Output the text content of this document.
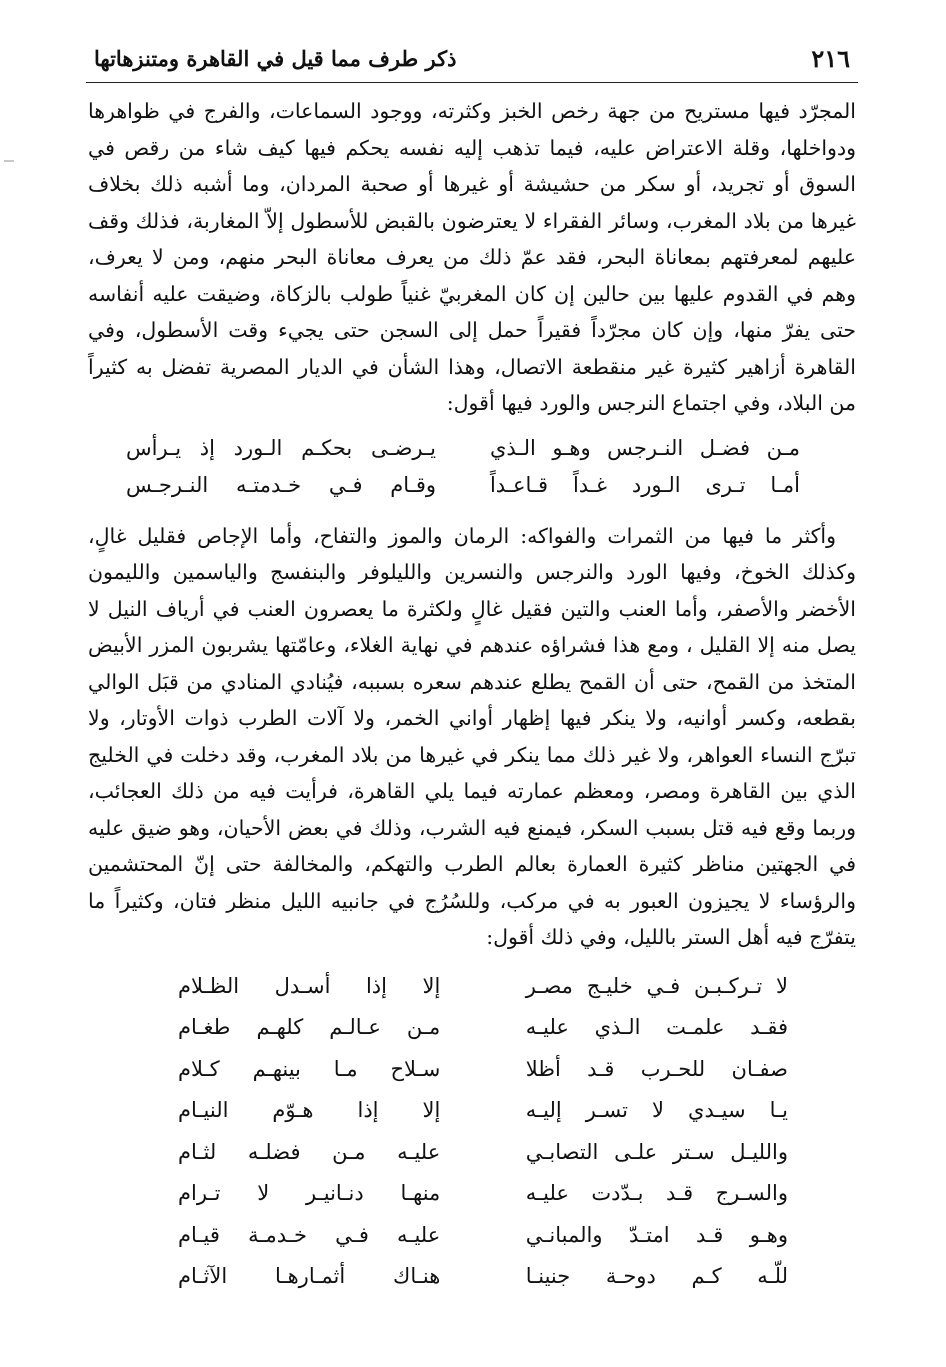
٢١٦
ذكر طرف مما قيل في القاهرة ومتنزهاتها
المجرّد فيها مستريح من جهة رخص الخبز وكثرته، ووجود السماعات، والفرج في ظواهرها ودواخلها، وقلة الاعتراض عليه، فيما تذهب إليه نفسه يحكم فيها كيف شاء من رقص في السوق أو تجريد، أو سكر من حشيشة أو غيرها أو صحبة المردان، وما أشبه ذلك بخلاف غيرها من بلاد المغرب، وسائر الفقراء لا يعترضون بالقبض للأسطول إلاّ المغاربة، فذلك وقف عليهم لمعرفتهم بمعاناة البحر، فقد عمّ ذلك من يعرف معاناة البحر منهم، ومن لا يعرف، وهم في القدوم عليها بين حالين إن كان المغربيّ غنياً طولب بالزكاة، وضيقت عليه أنفاسه حتى يفرّ منها، وإن كان مجرّداً فقيراً حمل إلى السجن حتى يجيء وقت الأسطول، وفي القاهرة أزاهير كثيرة غير منقطعة الاتصال، وهذا الشأن في الديار المصرية تفضل به كثيراً من البلاد، وفي اجتماع النرجس والورد فيها أقول:
مـن فضـل النـرجس وهـو الـذي
يـرضـى بحكـم الـورد إذ يـرأس
أمـا تـرى الـورد غـداً قـاعـداً
وقـام فـي خـدمتـه النـرجـس
وأكثر ما فيها من الثمرات والفواكه: الرمان والموز والتفاح، وأما الإجاص فقليل غالٍ، وكذلك الخوخ، وفيها الورد والنرجس والنسرين والليلوفر والبنفسج والياسمين والليمون الأخضر والأصفر، وأما العنب والتين فقيل غالٍ ولكثرة ما يعصرون العنب في أرياف النيل لا يصل منه إلا القليل ، ومع هذا فشراؤه عندهم في نهاية الغلاء، وعامّتها يشربون المزر الأبيض المتخذ من القمح، حتى أن القمح يطلع عندهم سعره بسببه، فيُنادي المنادي من قبَل الوالي بقطعه، وكسر أوانيه، ولا ينكر فيها إظهار أواني الخمر، ولا آلات الطرب ذوات الأوتار، ولا تبرّج النساء العواهر، ولا غير ذلك مما ينكر في غيرها من بلاد المغرب، وقد دخلت في الخليج الذي بين القاهرة ومصر، ومعظم عمارته فيما يلي القاهرة، فرأيت فيه من ذلك العجائب، وربما وقع فيه قتل بسبب السكر، فيمنع فيه الشرب، وذلك في بعض الأحيان، وهو ضيق عليه في الجهتين مناظر كثيرة العمارة بعالم الطرب والتهكم، والمخالفة حتى إنّ المحتشمين والرؤساء لا يجيزون العبور به في مركب، وللسُرُج في جانبيه الليل منظر فتان، وكثيراً ما يتفرّج فيه أهل الستر بالليل، وفي ذلك أقول:
لا تـركـبـن فـي خليـج مصـر
إلا إذا أسـدل الظـلام
فقـد علمـت الـذي عليـه
مـن عـالـم كلهـم طغـام
صفـان للحـرب قـد أظلا
سـلاح مـا بينهـم كـلام
يـا سيـدي لا تسـر إليـه
إلا إذا هـوّم النيـام
والليـل سـتر علـى التصابـي
عليـه مـن فضلـه لثـام
والسـرج قـد بـدّدت عليـه
منهـا دنـانيـر لا تـرام
وهـو قـد امتـدّ والمبانـي
عليـه فـي خـدمـة قيـام
للّـه كـم دوحـة جنينـا
هنـاك أثمـارهـا الآثـام
